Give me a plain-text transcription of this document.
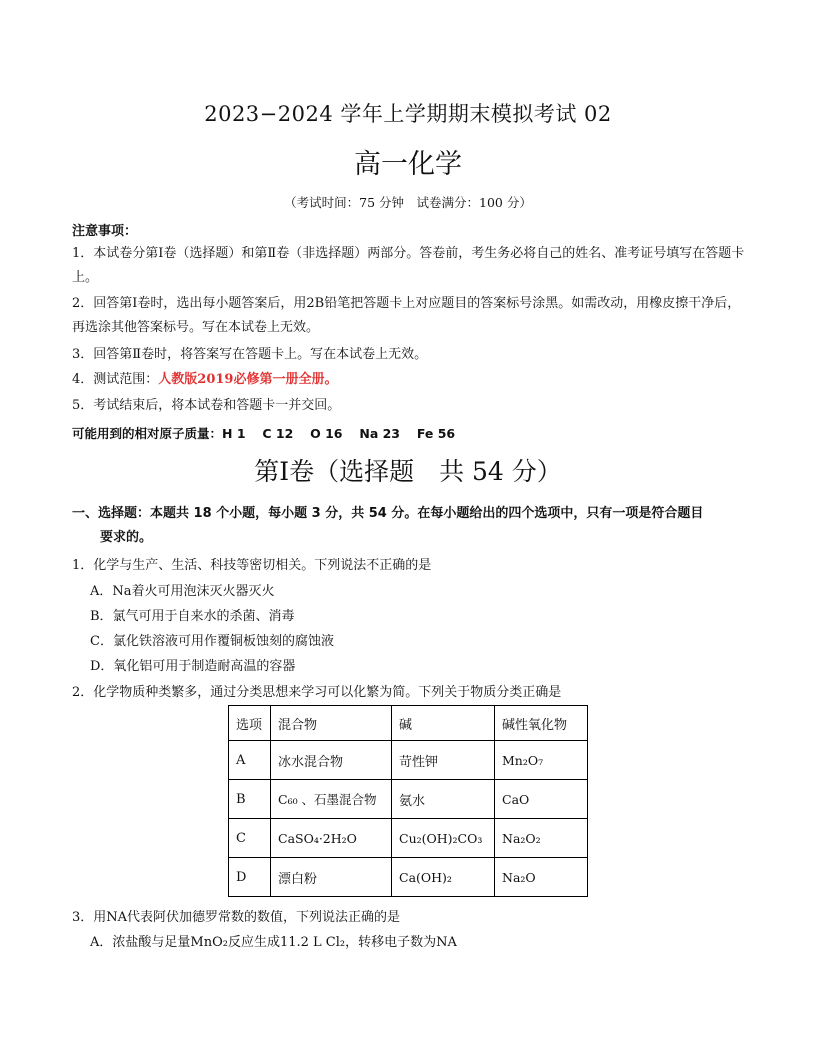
2023−2024 学年上学期期末模拟考试 02
高一化学
（考试时间：75 分钟　试卷满分：100 分）
注意事项：
1．本试卷分第Ⅰ卷（选择题）和第Ⅱ卷（非选择题）两部分。答卷前，考生务必将自己的姓名、准考证号填写在答题卡上。
2．回答第Ⅰ卷时，选出每小题答案后，用2B铅笔把答题卡上对应题目的答案标号涂黑。如需改动，用橡皮擦干净后，再选涂其他答案标号。写在本试卷上无效。
3．回答第Ⅱ卷时，将答案写在答题卡上。写在本试卷上无效。
4．测试范围：人教版2019必修第一册全册。
5．考试结束后，将本试卷和答题卡一并交回。
可能用到的相对原子质量：H 1　 C 12　 O 16　 Na 23　 Fe 56
第Ⅰ卷（选择题　共 54 分）
一、选择题：本题共 18 个小题，每小题 3 分，共 54 分。在每小题给出的四个选项中，只有一项是符合题目
要求的。
1．化学与生产、生活、科技等密切相关。下列说法不正确的是
A．Na着火可用泡沫灭火器灭火
B．氯气可用于自来水的杀菌、消毒
C．氯化铁溶液可用作覆铜板蚀刻的腐蚀液
D．氧化铝可用于制造耐高温的容器
2．化学物质种类繁多，通过分类思想来学习可以化繁为简。下列关于物质分类正确是
选项	混合物	碱	碱性氧化物
A	冰水混合物	苛性钾	Mn₂O₇
B	C₆₀ 、石墨混合物	氨水	CaO
C	CaSO₄·2H₂O	Cu₂(OH)₂CO₃	Na₂O₂
D	漂白粉	Ca(OH)₂	Na₂O
3．用NA代表阿伏加德罗常数的数值，下列说法正确的是
A．浓盐酸与足量MnO₂反应生成11.2 L Cl₂，转移电子数为NA
